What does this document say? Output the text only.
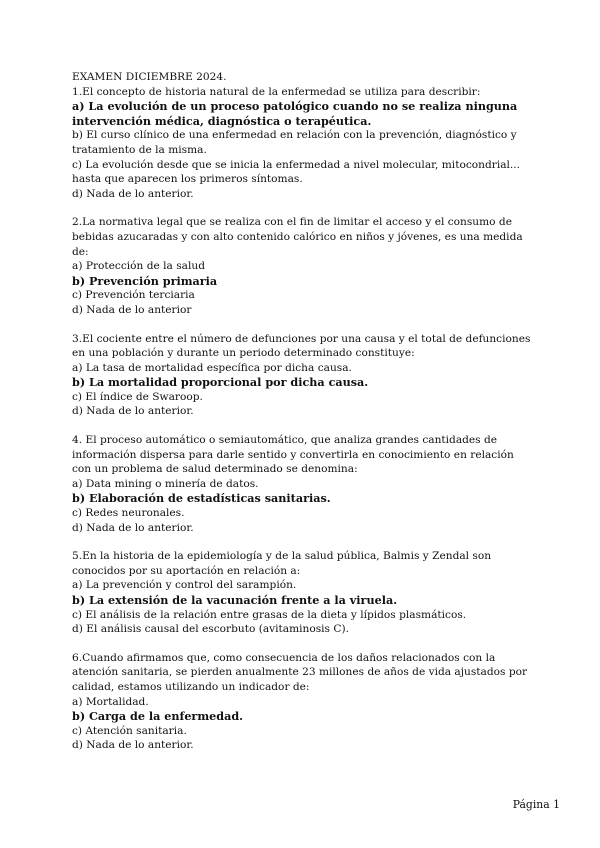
EXAMEN DICIEMBRE 2024.
1.El concepto de historia natural de la enfermedad se utiliza para describir:
a) La evolución de un proceso patológico cuando no se realiza ninguna intervención médica, diagnóstica o terapéutica.
b) El curso clínico de una enfermedad en relación con la prevención, diagnóstico y tratamiento de la misma.
c) La evolución desde que se inicia la enfermedad a nivel molecular, mitocondrial... hasta que aparecen los primeros síntomas.
d) Nada de lo anterior.
2.La normativa legal que se realiza con el fin de limitar el acceso y el consumo de bebidas azucaradas y con alto contenido calórico en niños y jóvenes, es una medida de:
a) Protección de la salud
b) Prevención primaria
c) Prevención terciaria
d) Nada de lo anterior
3.El cociente entre el número de defunciones por una causa y el total de defunciones en una población y durante un periodo determinado constituye:
a) La tasa de mortalidad específica por dicha causa.
b) La mortalidad proporcional por dicha causa.
c) El índice de Swaroop.
d) Nada de lo anterior.
4. El proceso automático o semiautomático, que analiza grandes cantidades de información dispersa para darle sentido y convertirla en conocimiento en relación con un problema de salud determinado se denomina:
a) Data mining o minería de datos.
b) Elaboración de estadísticas sanitarias.
c) Redes neuronales.
d) Nada de lo anterior.
5.En la historia de la epidemiología y de la salud pública, Balmis y Zendal son conocidos por su aportación en relación a:
a) La prevención y control del sarampión.
b) La extensión de la vacunación frente a la viruela.
c) El análisis de la relación entre grasas de la dieta y lípidos plasmáticos.
d) El análisis causal del escorbuto (avitaminosis C).
6.Cuando afirmamos que, como consecuencia de los daños relacionados con la atención sanitaria, se pierden anualmente 23 millones de años de vida ajustados por calidad, estamos utilizando un indicador de:
a) Mortalidad.
b) Carga de la enfermedad.
c) Atención sanitaria.
d) Nada de lo anterior.
Página 1
